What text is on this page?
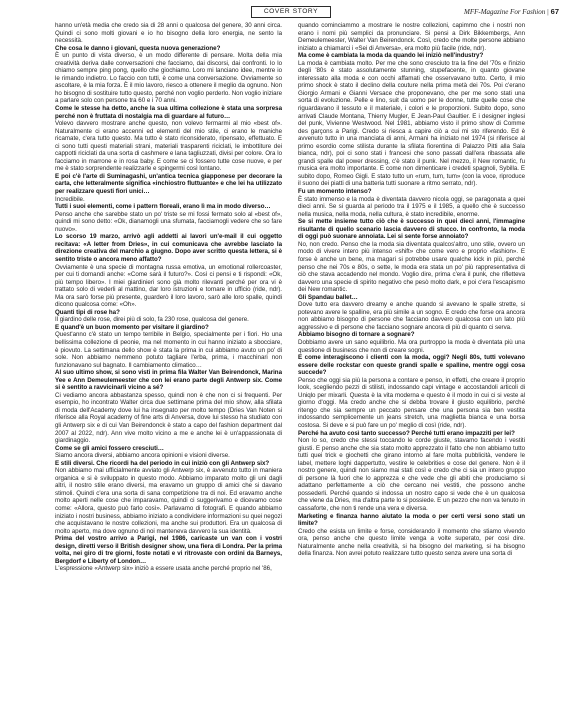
COVER STORY	MFF-Magazine For Fashion | 67

hanno un'età media che credo sia di 28 anni o qualcosa del genere, 30 anni circa. Quindi ci sono molti giovani e io ho bisogno della loro energia, ne sento la necessità.

Che cosa le danno i giovani, questa nuova generazione?

È un punto di vista diverso, è un modo differente di pensare. Molta della mia creatività deriva dalle conversazioni che facciamo, dai discorsi, dai confronti. Io lo chiamo sempre ping pong, quello che giochiamo. Loro mi lanciano idee, mentre io le rimando indietro. Lo faccio con tutti, è come una conversazione. Ovviamente so ascoltare, è la mia forza. È il mio lavoro, riesco a ottenere il meglio da ognuno. Non ho bisogno di sostituire tutto questo, perché non voglio perderlo. Non voglio iniziare a parlare solo con persone tra 60 e i 70 anni.

Come le stesse ha detto, anche la sua ultima collezione è stata una sorpresa perché non è fruttata di nostalgia ma di guardare al futuro…

Volevo davvero mostrare anche questo, non volevo fermarmi al mio «best of». Naturalmente ci erano accenni ed elementi del mio stile, ci erano le maniche ricamate, c'era tutto questo. Ma tutto è stato riconsiderato, ripensato, effettuato. E ci sono tutti questi materiali strani, materiali trasparenti riciclati, le imbottiture dei cappotti riciclati da una sorta di cashmere e lana tagliuzzati, divisi per colore. Ora lo facciamo in marrone e in rosa baby. E come se ci fossero tutte cose nuove, e per me è stato sorprendente realizzarle e spingermi così lontano.

E poi c'è l'arte di Suminagashi, un'antica tecnica giapponese per decorare la carta, che letteralmente significa «inchiostro fluttuante» e che lei ha utilizzato per realizzare questi fiori unici…

Incredibile.

Tutti i suoi elementi, come i pattern floreali, erano lì ma in modo diverso…

Penso anche che sarebbe stato un po' triste se mi fossi fermato solo al «best of», quindi mi sono detto: «Ok, dianamogli una sfumata, facciamogli vedere che so fare nuovo».

Lo scorso 19 marzo, arrivò agli addetti ai lavori un'e-mail il cui oggetto recitava: «A letter from Dries», in cui comunicava che avrebbe lasciato la direzione creativa del marchio a giugno. Dopo aver scritto questa lettera, si è sentito triste o ancora meno affatto?

Ovviamente è una specie di montagna russa emotiva, un emotional rollercoaster, per cui ti domandi anche: «Come sarà il futuro?». Così ci pensi e ti rispondi: «Ok, più tempo libero». I miei giardinieri sono già molto rilevanti perché per ora vi è trattato solo di vederli al mattino, dar loro istruzioni e tornare in ufficio (ride, ndr). Ma ora sarò forse più presente, guarderò il loro lavoro, sarò alle loro spalle, quindi dicono qualcosa come: «Oh».

Quanti tipi di rose ha?

Il giardino delle rose, direi più di solo, fa 230 rose, qualcosa del genere.

E quand'è un buon momento per visitare il giardino?

Quest'anno c'è stato un tempo terribile in Belgio, specialmente per i fiori. Ho una bellissima collezione di peonie, ma nel momento in cui hanno iniziato a sbocciare, è piovuto. La settimana dello show è stata la prima in cui abbiamo avuto un po' di sole. Non abbiamo nemmeno potuto tagliare l'erba, prima, i macchinari non funzionavano sul bagnato. Il cambiamento climatico…

Al suo ultimo show, si sono visti in prima fila Walter Van Beirendonck, Marina Yee e Ann Demeulemeester che con lei erano parte degli Antwerp six. Come si è sentito a ravvicinarli vicino a sé?

Ci vediamo ancora abbastanza spesso, quindi non è che non ci si frequenti. Per esempio, ho incontrato Walter circa due settimane prima del mio show, alla sfilata di moda dell'Academy dove lui ha insegnato per molto tempo (Dries Van Noten si riferisce alla Royal academy of fine arts di Anversa, dove lui stesso ha studiato con gli Antwerp six e di cui Van Beirendonck è stato a capo del fashion department dal 2007 al 2022, ndr). Ann vive molto vicino a me e anche lei è un'appassionata di giardinaggio.

Come se gli amici fossero cresciuti…

Siamo ancora diversi, abbiamo ancora opinioni e visioni diverse.

E stili diversi. Che ricordi ha del periodo in cui iniziò con gli Antwerp six?

Non abbiamo mai ufficialmente avviato gli Antwerp six, è avvenuto tutto in maniera organica e si è sviluppato in questo modo. Abbiamo imparato molto gli uni dagli altri, il nostro stile erano diversi, ma eravamo un gruppo di amici che si davano stimoli. Quindi c'era una sorta di sana competizione tra di noi. Ed eravamo anche molto aperti nelle cose che imparavamo, quindi ci suggerivamo e dicevamo cose come: «Allora, questo può farlo così». Parlavamo di fotografi. E quando abbiamo iniziato i nostri business, abbiamo iniziato a condividere informazioni su quei negozi che acquistavano le nostre collezioni, ma anche sui produttori. Era un qualcosa di molto aperto, ma dove ognuno di noi manteneva davvero la sua identità.

Prima del vostro arrivo a Parigi, nel 1986, caricaste un van con i vostri design, diretti verso il British designer show, una fiera di Londra. Per la prima volta, nei giro di tre giorni, foste notati e vi ritrovaste con ordini da Barneys, Bergdorf e Liberty of London…

L'espressione «Antwerp six» iniziò a essere usata anche perché proprio nel '86,

quando cominciammo a mostrare le nostre collezioni, capimmo che i nostri non erano i nomi più semplici da pronunciare. Si pensi a Dirk Bikkembergs, Ann Demeulemeester, Walter Van Beirendonck. Così, credo che molte persone abbiano iniziato a chiamarci i «Sei di Anversa», era molto più facile (ride, ndr).

Ma come è cambiata la moda da quando lei iniziò nell'industry?

La moda è cambiata molto. Per me che sono cresciuto tra la fine del '70s e l'inizio degli '80s è stato assolutamente stunning, stupefacente, in quanto giovane interessato alla moda e con occhi affamati che osservavano tutto. Certo, il mio primo shock è stato il declino della couture nella prima metà dei 70s. Poi c'erano Giorgio Armani e Gianni Versace che proponevano, che per me sono stati una sorta di evoluzione. Pelle e lino, suit da uomo per le donne, tutte quelle cose che riguardavano il tessuto e il materiale, i colori e le proporzioni. Subito dopo, sono arrivati Claude Montana, Thierry Mugler, E Jean-Paul Gaultier. E i designer inglesi del punk, Vivienne Westwood. Nel 1981, abbiamo visto il primo show di Comme des garçons a Parigi. Credo si riesca a capire ciò a cui mi sto riferendo. Ed è avvenuto tutto in una manciata di anni, Armani ha iniziato nel 1974 (si riferisce al primo esordio come stilista durante la sfilata fiorentina di Palazzo Pitti alla Sala bianca, ndr), poi ci sono stati i francesi che sono passati dall'era ribassata alle grandi spalle dal power dressing, c'è stato il punk. Nel mezzo, il New romantic, fu musica era molto importante. E come non dimenticare i credeti spagnoli, Sybilla. E subito dopo, Romeo Gigli. E stato tutto un «rum, tum, tum» (con la voce, riproduce il suono dei piatti di una batteria tutti suonare a ritmo serrato, ndr).

Fu un momento intenso?

È stato immenso e la moda è diventata davvero nicola oggi, se paragonata a quei dieci anni. Se si guarda al periodo tra il 1975 e il 1985, a quello che è successo nella musica, nella moda, nella cultura, è stato incredibile, enorme.

Se si mette insieme tutto ciò che è successo in quei dieci anni, l'immagine risultante di quello scenario lascia davvero di stucco. In confronto, la moda di oggi può suonare annoiata. Lei si sente forse annoiato?

No, non credo. Penso che la moda sia diventata qualcos'altro, uno stile, ovvero un modo di vivere intero più intenso «shift» che come vero e proprio «fashion». E forse è anche un bene, ma magari si potrebbe usare qualche kick in più, perché penso che nei 70s e 80s, o sette, le moda era stata un po' più rappresentativa di ciò che stava accadendo nel mondo. Voglio dire, prima c'era il punk, che rifletteva davvero una specie di spirito negativo che pesò molto dark, e poi c'era l'escapismo dei New romantic.

Gli Spandau ballet…

Dove tutto era davvero dreamy e anche quando si avevano le spalle strette, si potevano avere le spalline, era più simile a un sogno. E credo che forse ora ancora non abbiamo bisogno di persone che facciano davvero qualcosa con un lato più aggressivo e di persone che facciano sognare ancora di più di quanto ci serva.

Abbiamo bisogno di tornare a sognare?

Dobbiamo avere un sano equilibrio. Ma ora purtroppo la moda è diventata più una questione di business che non di creare sogni.

E come interagiscono i clienti con la moda, oggi? Negli 80s, tutti volevano essere delle rockstar con queste grandi spalle e spalline, mentre oggi cosa succede?

Penso che oggi sia più la persona a contare e penso, in effetti, che creare il proprio look, scegliendo pezzi di stilisti, indossando capi vintage e accostandoli articoli di Uniqlo per mixarli. Questa è la vita moderna e questo è il modo in cui ci si veste al giorno d'oggi. Ma credo anche che si debba trovare il giusto equilibrio, perché ritengo che sia sempre un peccato pensare che una persona sia ben vestita indossando semplicemente un jeans stretch, una maglietta bianca e una borsa costosa. Si deve e si può fare un po' meglio di così (ride, ndr).

Perché ha avuto così tanto successo? Perché tutti erano impazziti per lei?

Non lo so, credo che stessi toccando le corde giuste, stavamo facendo i vestiti giusti. E penso anche che sia stato molto apprezzato il fatto che non abbiamo tutto tutti quei trick e giochetti che girano intorno al fare molta pubblicità, vendere le label, mettere loghi dappertutto, vestire le celebrities e cose del genere. Non è il nostro genere, quindi non siamo mai stati così e credo che ci sia un intero gruppo di persone là fuori che lo apprezza e che vede che gli abiti che produciamo si adattano perfettamente a ciò che cercano nei vestiti, che possono anche possederli. Perché quando si indossa un nostro capo si vede che è un qualcosa che viene da Dries, ma d'altra parte lo si possiede. E un pezzo che non va tenuto in cassaforte, che non ti rende una vera e diversa.

Marketing e finanza hanno aiutato la moda o per certi versi sono stati un limite?

Credo che esista un limite e forse, considerando il momento che stiamo vivendo ora, penso anche che questo limite venga a volte superato, per cosi dire. Naturalmente anche nella creatività, si ha bisogno del marketing, si ha bisogno della finanza. Non avrei potuto realizzare tutto questo senza avere una sorta di
